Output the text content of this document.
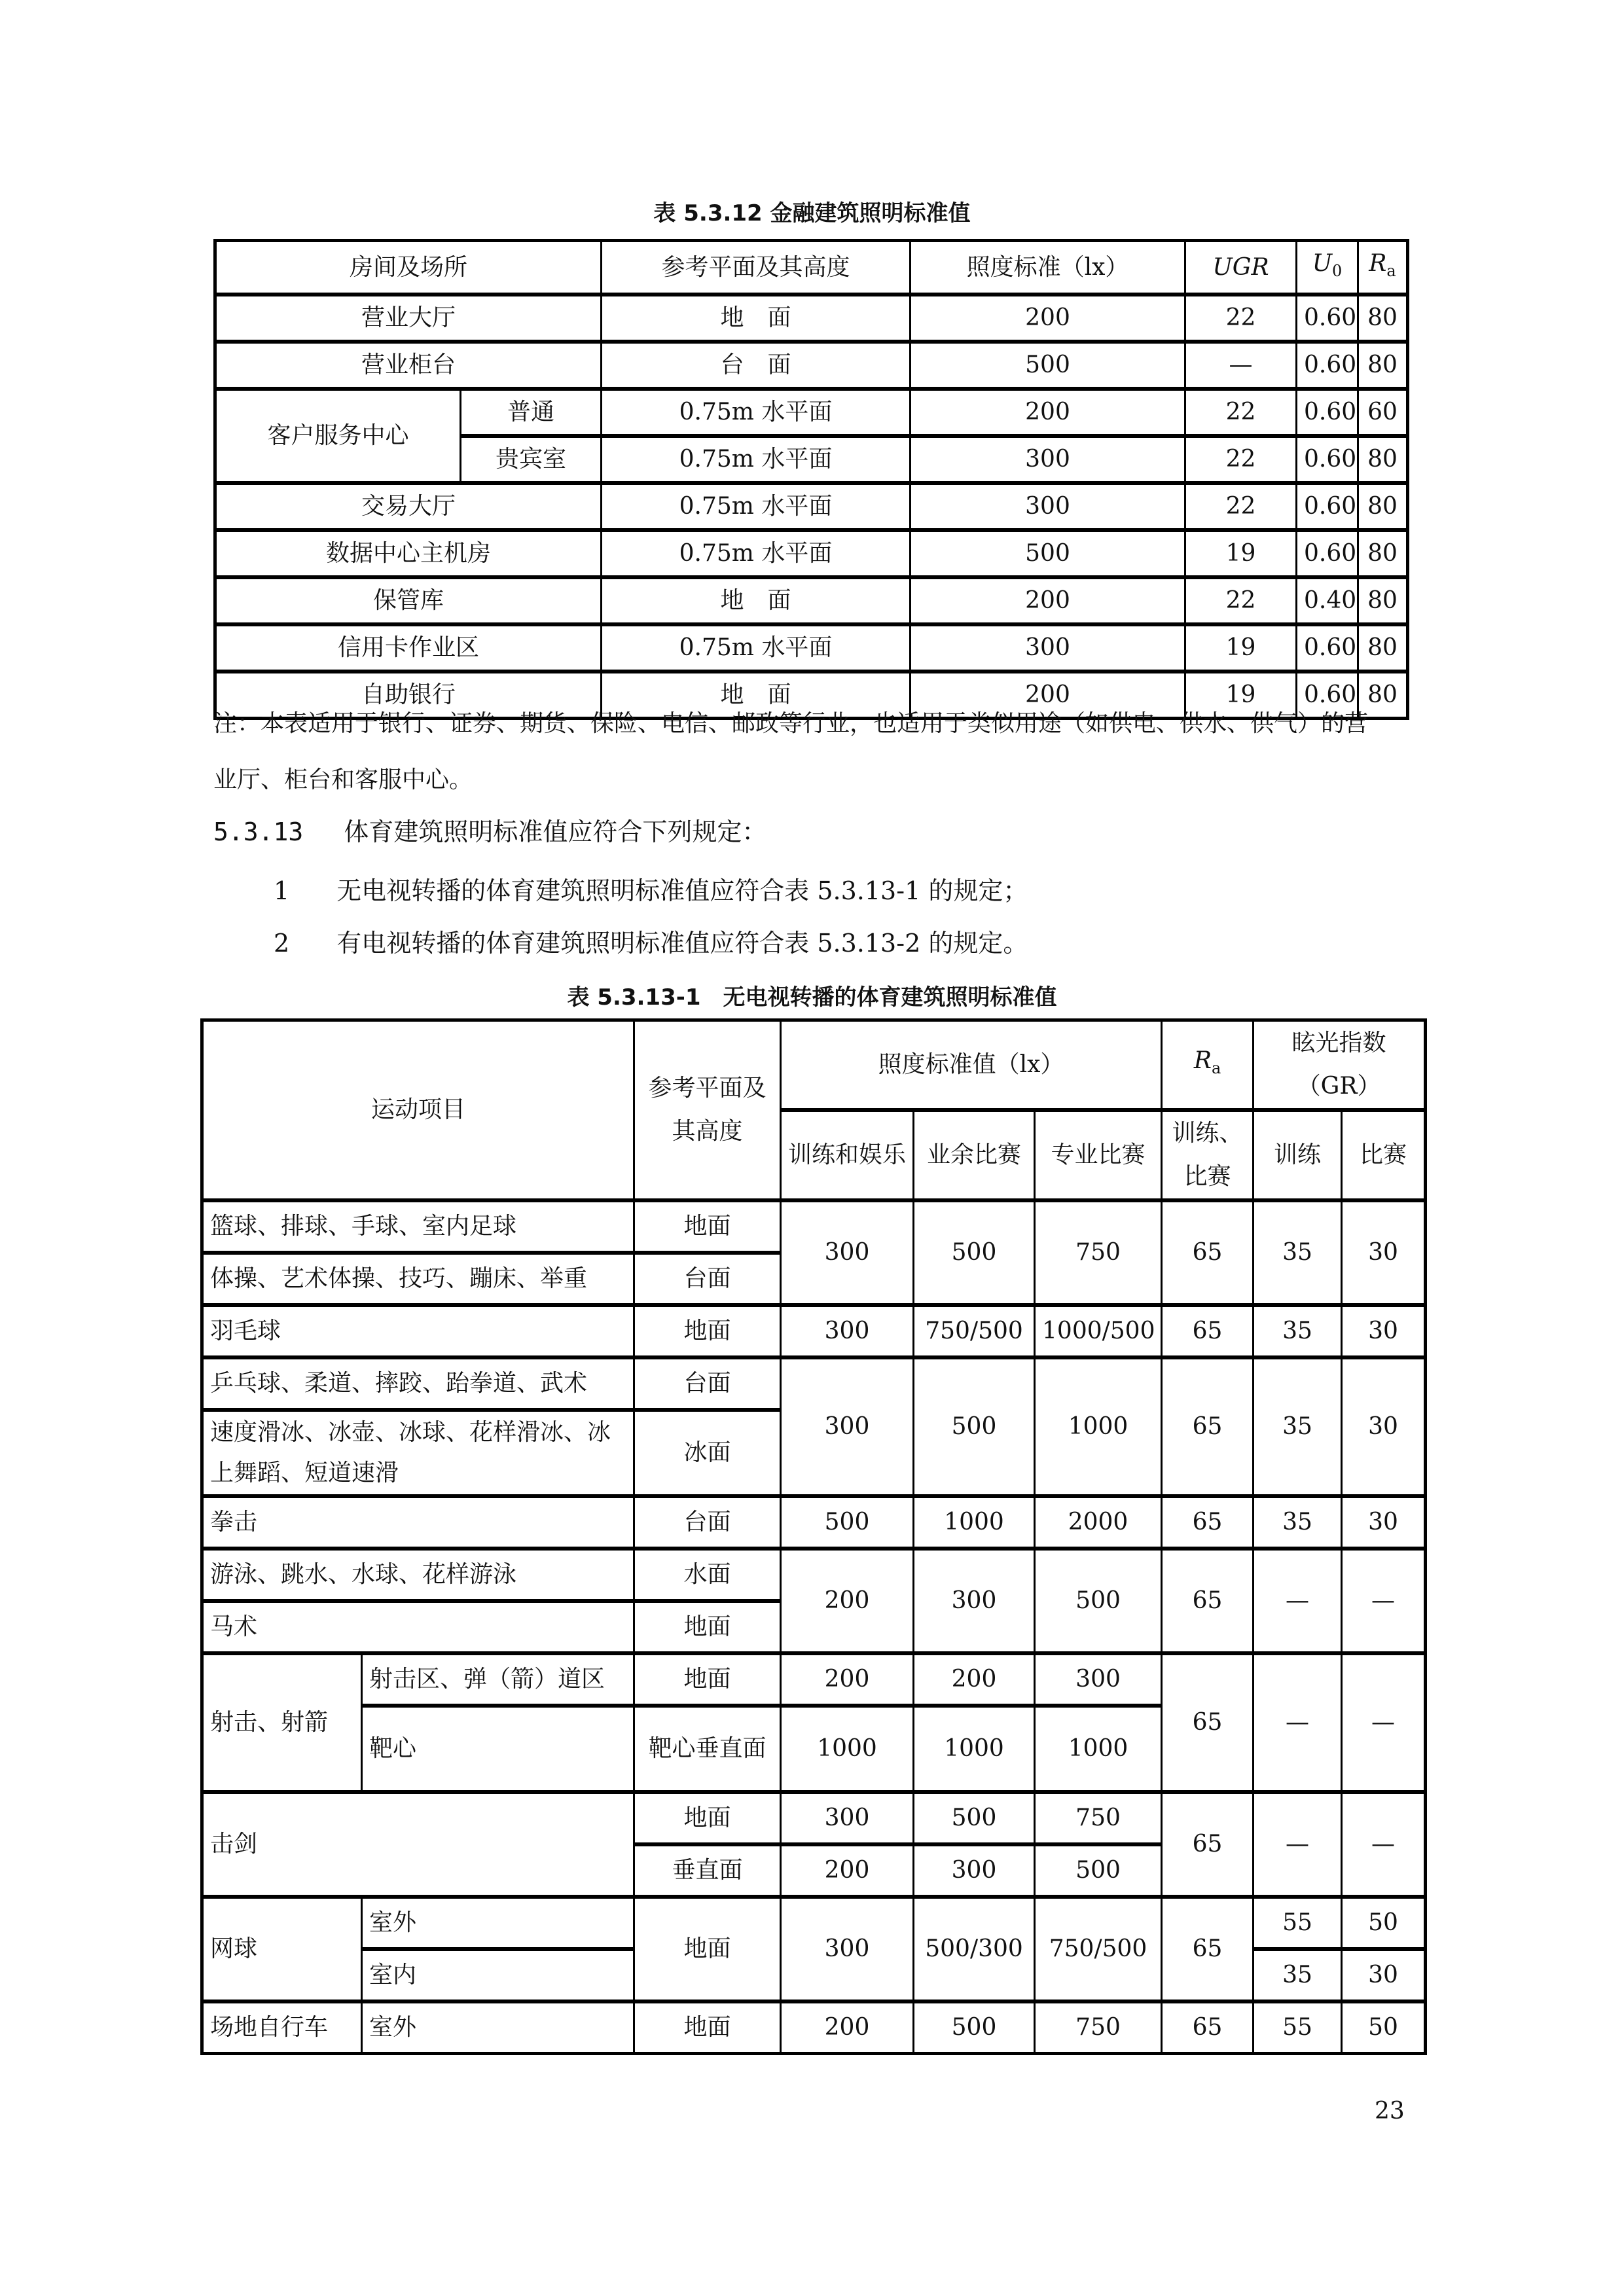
表 5.3.12 金融建筑照明标准值
房间及场所		参考平面及其高度	照度标准（lx）	UGR	$U_0$	$R_a$
营业大厅		地　面	200	22	0.60	80
营业柜台		台　面	500	—	0.60	80
客户服务中心	普通	0.75m 水平面	200	22	0.60	60
	贵宾室	0.75m 水平面	300	22	0.60	80
交易大厅		0.75m 水平面	300	22	0.60	80
数据中心主机房		0.75m 水平面	500	19	0.60	80
保管库		地　面	200	22	0.40	80
信用卡作业区		0.75m 水平面	300	19	0.60	80
自助银行		地　面	200	19	0.60	80
注：本表适用于银行、证券、期货、保险、电信、邮政等行业，也适用于类似用途（如供电、供水、供气）的营
业厅、柜台和客服中心。
5.3.13 体育建筑照明标准值应符合下列规定：
1 无电视转播的体育建筑照明标准值应符合表 5.3.13-1 的规定；
2 有电视转播的体育建筑照明标准值应符合表 5.3.13-2 的规定。
表 5.3.13-1　无电视转播的体育建筑照明标准值
运动项目		参考平面及其高度	照度标准值（lx）			$R_a$	眩光指数（GR）	
			训练和娱乐	业余比赛	专业比赛	训练、比赛	训练	比赛
篮球、排球、手球、室内足球		地面	300	500	750	65	35	30
体操、艺术体操、技巧、蹦床、举重		台面						
羽毛球		地面	300	750/500	1000/500	65	35	30
乒乓球、柔道、摔跤、跆拳道、武术		台面	300	500	1000	65	35	30
速度滑冰、冰壶、冰球、花样滑冰、冰上舞蹈、短道速滑		冰面						
拳击		台面	500	1000	2000	65	35	30
游泳、跳水、水球、花样游泳		水面	200	300	500	65	—	—
马术		地面						
射击、射箭	射击区、弹（箭）道区	地面	200	200	300	65	—	—
	靶心	靶心垂直面	1000	1000	1000			
击剑		地面	300	500	750	65	—	—
		垂直面	200	300	500			
网球	室外	地面	300	500/300	750/500	65	55	50
	室内						35	30
场地自行车	室外	地面	200	500	750	65	55	50
23
